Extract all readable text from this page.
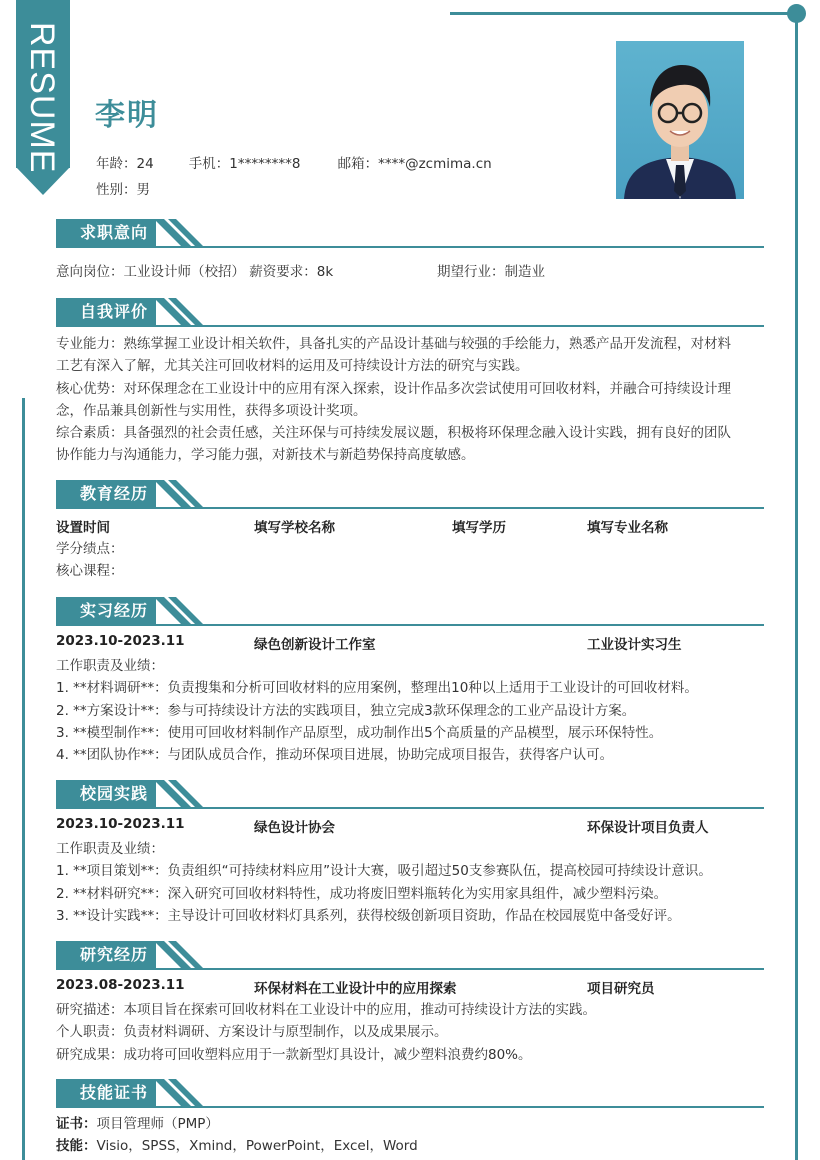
RESUME 李明
年龄：24	手机：1********8	邮箱：****@zcmima.cn
性别：男
求职意向
意向岗位：工业设计师（校招） 薪资要求：8k	期望行业：制造业
自我评价
专业能力：熟练掌握工业设计相关软件，具备扎实的产品设计基础与较强的手绘能力，熟悉产品开发流程，对材料
工艺有深入了解，尤其关注可回收材料的运用及可持续设计方法的研究与实践。
核心优势：对环保理念在工业设计中的应用有深入探索，设计作品多次尝试使用可回收材料，并融合可持续设计理
念，作品兼具创新性与实用性，获得多项设计奖项。
综合素质：具备强烈的社会责任感，关注环保与可持续发展议题，积极将环保理念融入设计实践，拥有良好的团队
协作能力与沟通能力，学习能力强，对新技术与新趋势保持高度敏感。
教育经历
设置时间	填写学校名称	填写学历	填写专业名称
学分绩点：
核心课程：
实习经历
2023.10-2023.11	绿色创新设计工作室	工业设计实习生
工作职责及业绩：
1. **材料调研**：负责搜集和分析可回收材料的应用案例，整理出10种以上适用于工业设计的可回收材料。
2. **方案设计**：参与可持续设计方法的实践项目，独立完成3款环保理念的工业产品设计方案。
3. **模型制作**：使用可回收材料制作产品原型，成功制作出5个高质量的产品模型，展示环保特性。
4. **团队协作**：与团队成员合作，推动环保项目进展，协助完成项目报告，获得客户认可。
校园实践
2023.10-2023.11	绿色设计协会	环保设计项目负责人
工作职责及业绩：
1. **项目策划**：负责组织“可持续材料应用”设计大赛，吸引超过50支参赛队伍，提高校园可持续设计意识。
2. **材料研究**：深入研究可回收材料特性，成功将废旧塑料瓶转化为实用家具组件，减少塑料污染。
3. **设计实践**：主导设计可回收材料灯具系列，获得校级创新项目资助，作品在校园展览中备受好评。
研究经历
2023.08-2023.11	环保材料在工业设计中的应用探索	项目研究员
研究描述：本项目旨在探索可回收材料在工业设计中的应用，推动可持续设计方法的实践。
个人职责：负责材料调研、方案设计与原型制作，以及成果展示。
研究成果：成功将可回收塑料应用于一款新型灯具设计，减少塑料浪费约80%。
技能证书
证书：项目管理师（PMP）
技能：Visio，SPSS，Xmind，PowerPoint，Excel，Word
